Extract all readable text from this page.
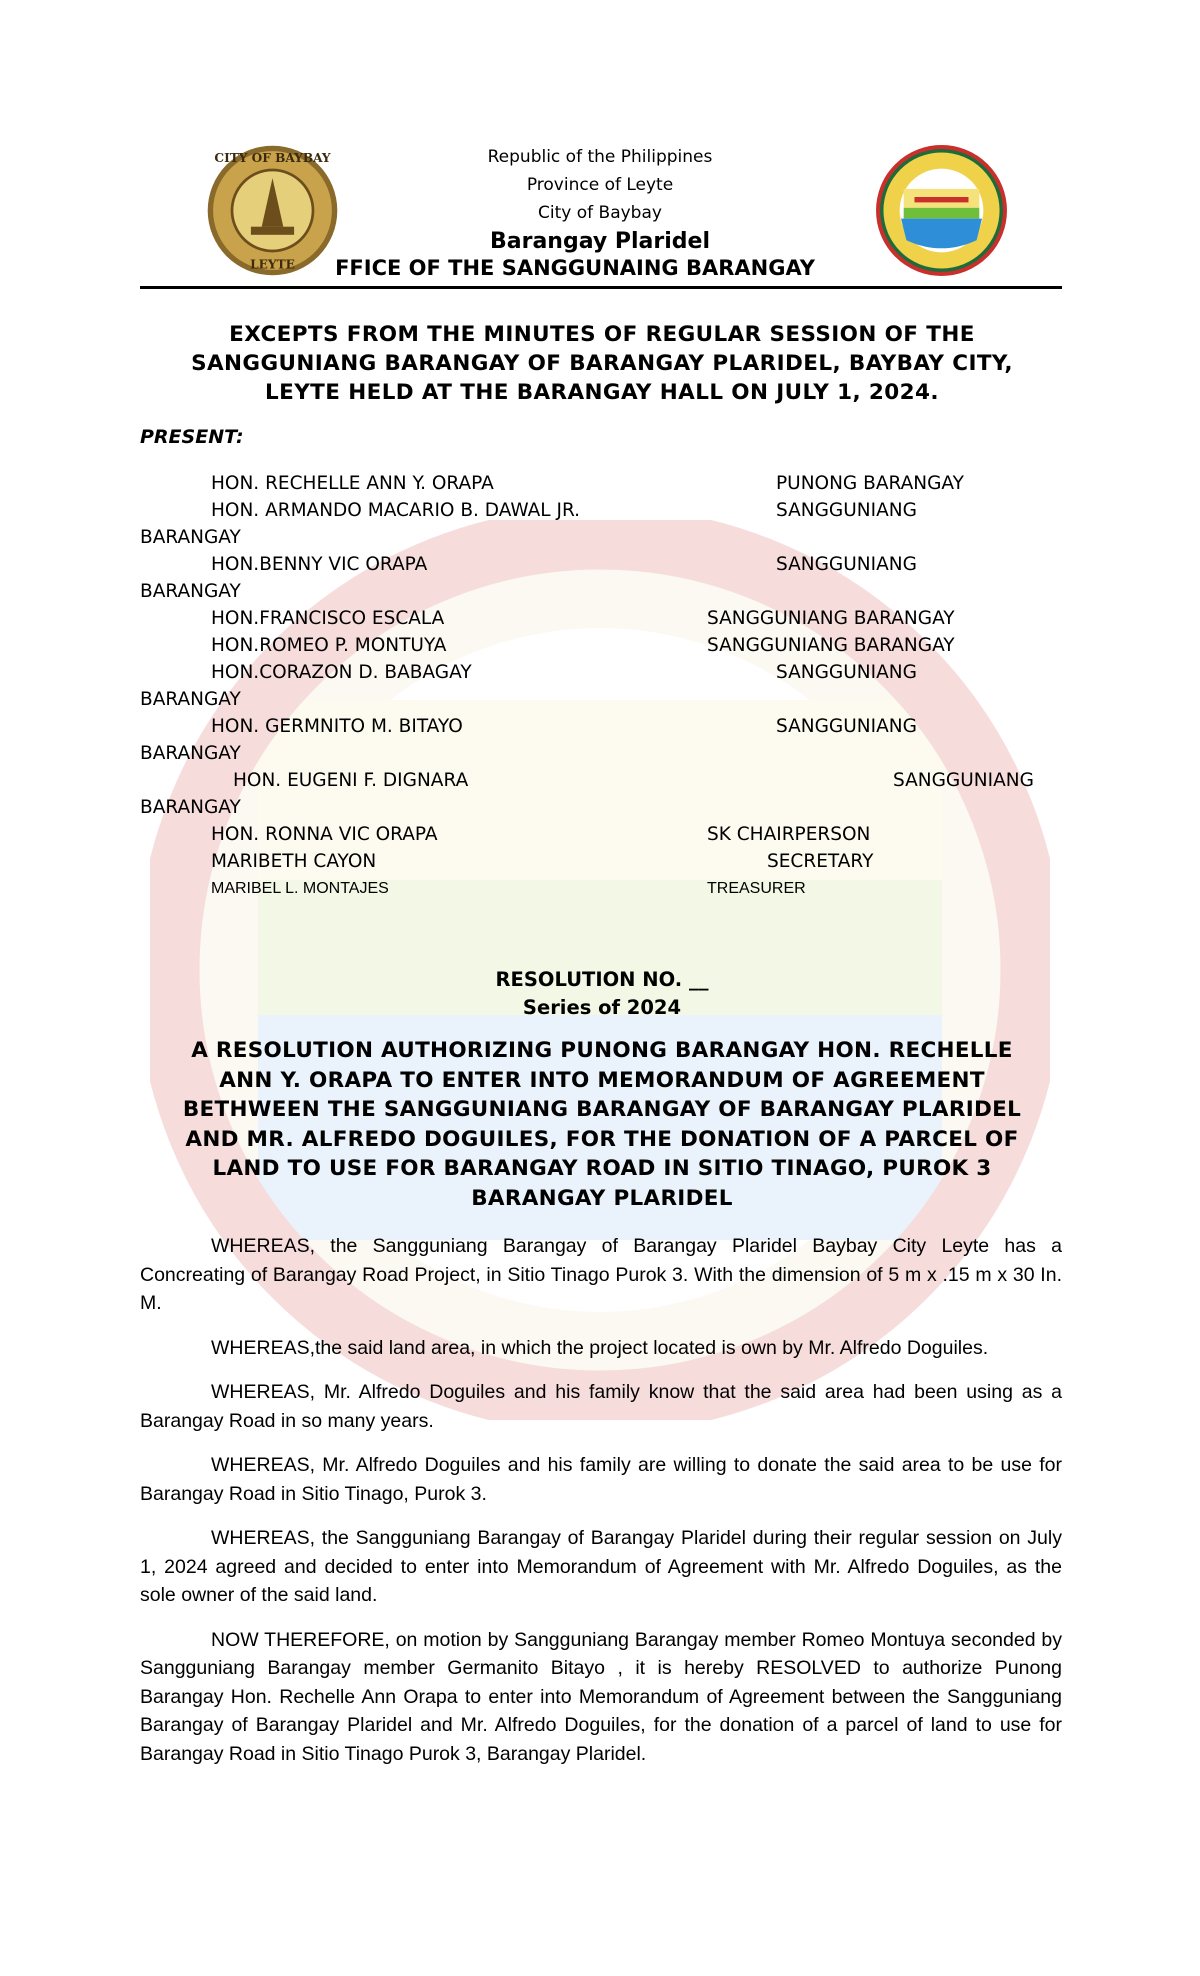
CITY OF BAYBAY
LEYTE
Republic of the Philippines
Province of Leyte
City of Baybay
Barangay Plaridel
FFICE OF THE SANGGUNAING BARANGAY
EXCEPTS FROM THE MINUTES OF REGULAR SESSION OF THE
SANGGUNIANG BARANGAY OF BARANGAY PLARIDEL, BAYBAY CITY,
LEYTE HELD AT THE BARANGAY HALL ON JULY 1, 2024.
PRESENT:
HON. RECHELLE ANN Y. ORAPA	PUNONG BARANGAY
HON. ARMANDO MACARIO B. DAWAL JR.	SANGGUNIANG
BARANGAY
HON.BENNY VIC ORAPA	SANGGUNIANG
BARANGAY
HON.FRANCISCO ESCALA	SANGGUNIANG BARANGAY
HON.ROMEO P. MONTUYA	SANGGUNIANG BARANGAY
HON.CORAZON D. BABAGAY	SANGGUNIANG
BARANGAY
HON. GERMNITO M. BITAYO	SANGGUNIANG
BARANGAY
HON. EUGENI F. DIGNARA	SANGGUNIANG
BARANGAY
HON. RONNA VIC ORAPA	SK CHAIRPERSON
MARIBETH CAYON	SECRETARY
MARIBEL L. MONTAJES	TREASURER
RESOLUTION NO. __
Series of 2024
A RESOLUTION AUTHORIZING PUNONG BARANGAY HON. RECHELLE
ANN Y. ORAPA TO ENTER INTO MEMORANDUM OF AGREEMENT
BETHWEEN THE SANGGUNIANG BARANGAY OF BARANGAY PLARIDEL
AND MR. ALFREDO DOGUILES, FOR THE DONATION OF A PARCEL OF
LAND TO USE FOR BARANGAY ROAD IN SITIO TINAGO, PUROK 3
BARANGAY PLARIDEL

WHEREAS, the Sangguniang Barangay of Barangay Plaridel Baybay City Leyte has a Concreating of Barangay Road Project, in Sitio Tinago Purok 3. With the dimension of 5 m x .15 m x 30 In. M.

WHEREAS,the said land area, in which the project located is own by Mr. Alfredo Doguiles.

WHEREAS, Mr. Alfredo Doguiles and his family know that the said area had been using as a Barangay Road in so many years.

WHEREAS, Mr. Alfredo Doguiles and his family are willing to donate the said area to be use for Barangay Road in Sitio Tinago, Purok 3.

WHEREAS, the Sangguniang Barangay of Barangay Plaridel during their regular session on July 1, 2024 agreed and decided to enter into Memorandum of Agreement with Mr. Alfredo Doguiles, as the sole owner of the said land.

NOW THEREFORE, on motion by Sangguniang Barangay member Romeo Montuya seconded by Sangguniang Barangay member Germanito Bitayo , it is hereby RESOLVED to authorize Punong Barangay Hon. Rechelle Ann Orapa to enter into Memorandum of Agreement between the Sangguniang Barangay of Barangay Plaridel and Mr. Alfredo Doguiles, for the donation of a parcel of land to use for Barangay Road in Sitio Tinago Purok 3, Barangay Plaridel.
